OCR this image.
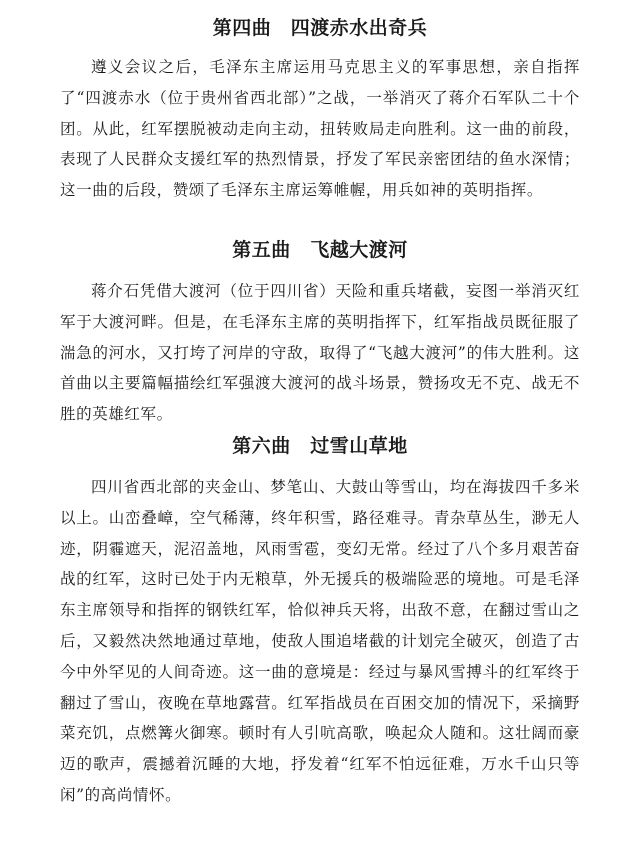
第四曲　四渡赤水出奇兵

遵义会议之后，毛泽东主席运用马克思主义的军事思想，亲自指挥了“四渡赤水（位于贵州省西北部）”之战，一举消灭了蒋介石军队二十个团。从此，红军摆脱被动走向主动，扭转败局走向胜利。这一曲的前段，表现了人民群众支援红军的热烈情景，抒发了军民亲密团结的鱼水深情；这一曲的后段，赞颂了毛泽东主席运筹帷幄，用兵如神的英明指挥。

第五曲　飞越大渡河

蒋介石凭借大渡河（位于四川省）天险和重兵堵截，妄图一举消灭红军于大渡河畔。但是，在毛泽东主席的英明指挥下，红军指战员既征服了湍急的河水，又打垮了河岸的守敌，取得了“飞越大渡河”的伟大胜利。这首曲以主要篇幅描绘红军强渡大渡河的战斗场景，赞扬攻无不克、战无不胜的英雄红军。

第六曲　过雪山草地

四川省西北部的夹金山、梦笔山、大鼓山等雪山，均在海拔四千多米以上。山峦叠嶂，空气稀薄，终年积雪，路径难寻。青杂草丛生，渺无人迹，阴霾遮天，泥沼盖地，风雨雪雹，变幻无常。经过了八个多月艰苦奋战的红军，这时已处于内无粮草，外无援兵的极端险恶的境地。可是毛泽东主席领导和指挥的钢铁红军，恰似神兵天将，出敌不意，在翻过雪山之后，又毅然决然地通过草地，使敌人围追堵截的计划完全破灭，创造了古今中外罕见的人间奇迹。这一曲的意境是：经过与暴风雪搏斗的红军终于翻过了雪山，夜晚在草地露营。红军指战员在百困交加的情况下，采摘野菜充饥，点燃篝火御寒。顿时有人引吭高歌，唤起众人随和。这壮阔而豪迈的歌声，震撼着沉睡的大地，抒发着“红军不怕远征难，万水千山只等闲”的高尚情怀。
